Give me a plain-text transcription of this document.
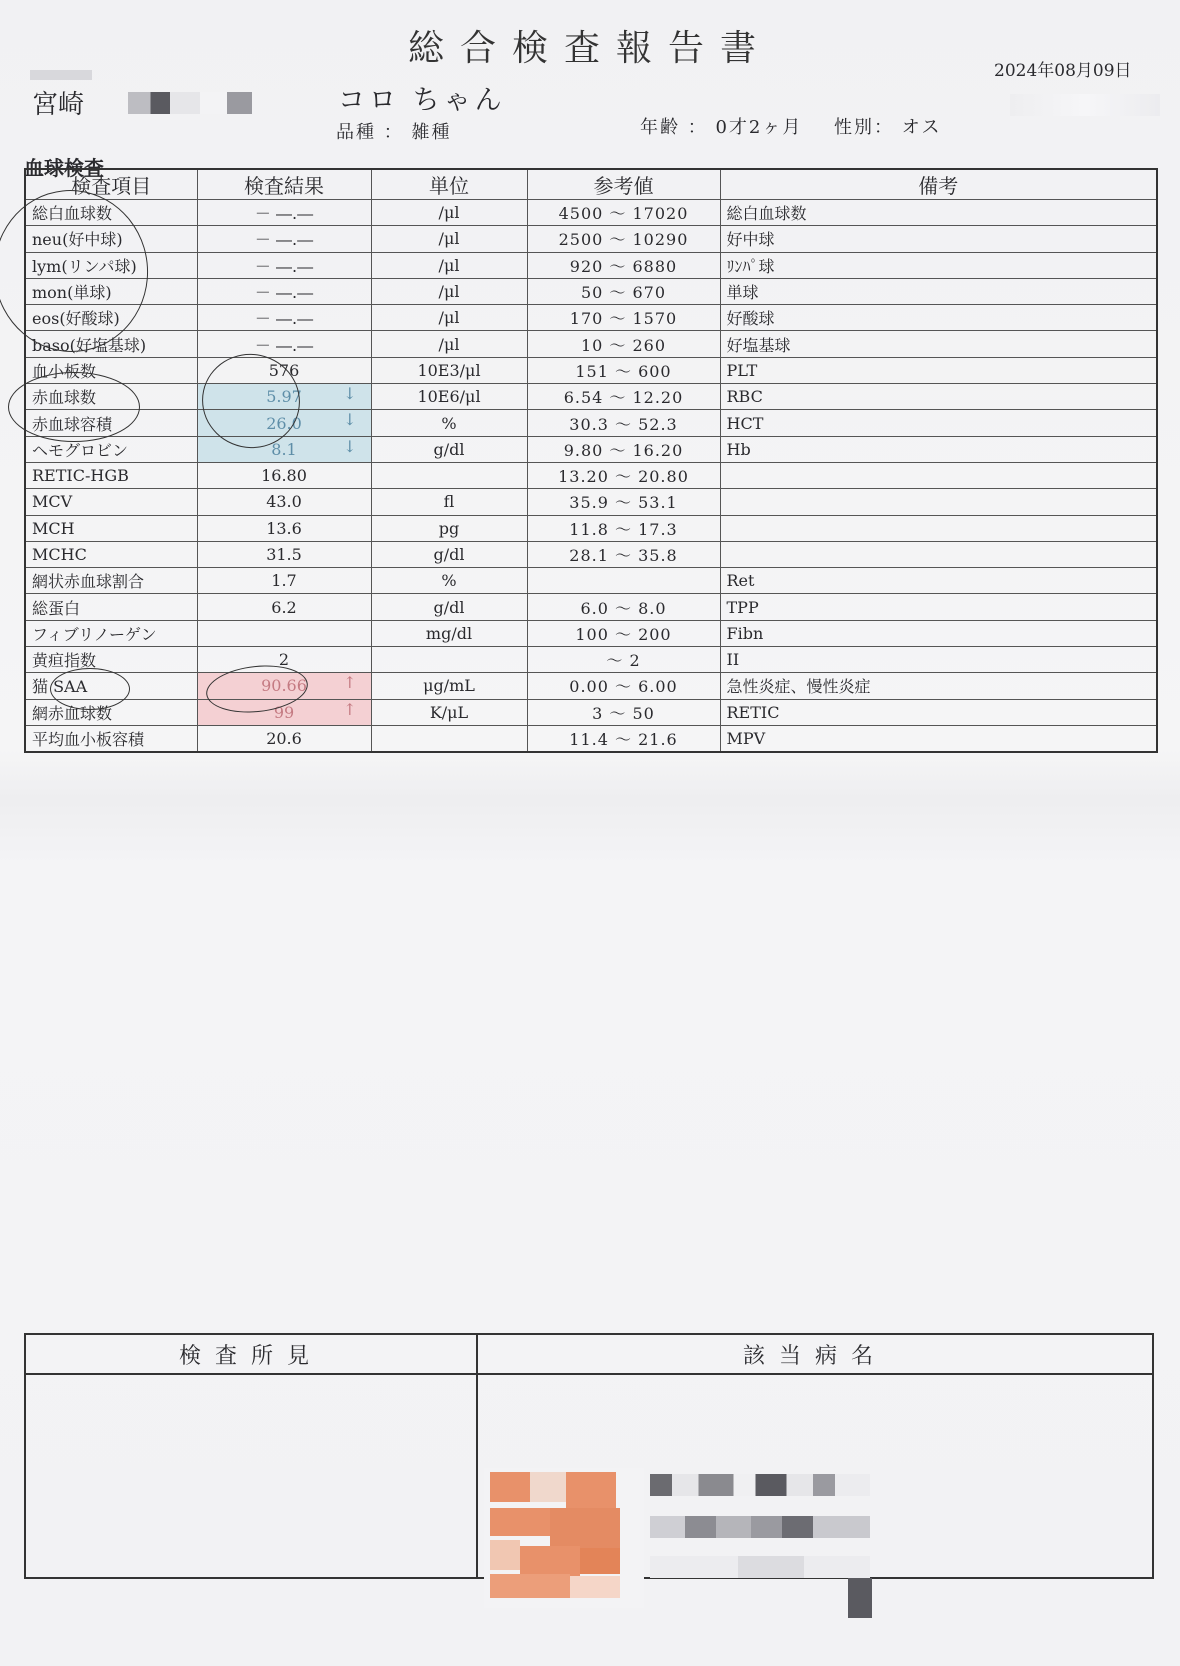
総合検査報告書
2024年08月09日
宮崎	コロ ちゃん
品種 ： 雑種	年齢 ： 0才2ヶ月 性別： オス
血球検査
検査項目	検査結果	単位	参考値	備考
総白血球数	－ ―.―	/μl	4500 〜 17020	総白血球数
neu(好中球)	－ ―.―	/μl	2500 〜 10290	好中球
lym(リンパ球)	－ ―.―	/μl	920 〜 6880	ﾘﾝﾊﾟ球
mon(単球)	－ ―.―	/μl	50 〜 670	単球
eos(好酸球)	－ ―.―	/μl	170 〜 1570	好酸球
baso(好塩基球)	－ ―.―	/μl	10 〜 260	好塩基球
血小板数	576	10E3/μl	151 〜 600	PLT
赤血球数	5.97 ↓	10E6/μl	6.54 〜 12.20	RBC
赤血球容積	26.0 ↓	%	30.3 〜 52.3	HCT
ヘモグロビン	8.1 ↓	g/dl	9.80 〜 16.20	Hb
RETIC-HGB	16.80		13.20 〜 20.80	
MCV	43.0	fl	35.9 〜 53.1	
MCH	13.6	pg	11.8 〜 17.3	
MCHC	31.5	g/dl	28.1 〜 35.8	
網状赤血球割合	1.7	%		Ret
総蛋白	6.2	g/dl	6.0 〜 8.0	TPP
フィブリノーゲン		mg/dl	100 〜 200	Fibn
黄疸指数	2		〜 2	II
猫 SAA	90.66 ↑	μg/mL	0.00 〜 6.00	急性炎症、慢性炎症
網赤血球数	99 ↑	K/μL	3 〜 50	RETIC
平均血小板容積	20.6		11.4 〜 21.6	MPV
検査所見	該当病名
